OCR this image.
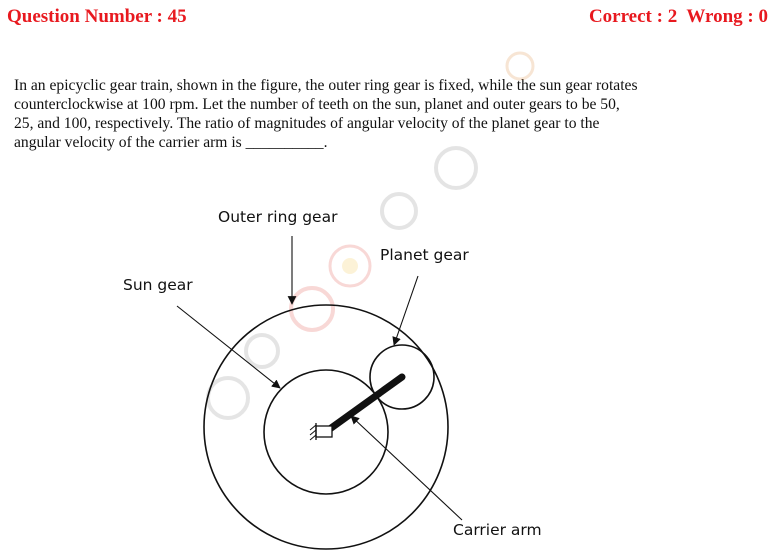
Question Number : 45	Correct : 2  Wrong : 0

In an epicyclic gear train, shown in the figure, the outer ring gear is fixed, while the sun gear rotates

counterclockwise at 100 rpm. Let the number of teeth on the sun, planet and outer gears to be 50,

25, and 100, respectively. The ratio of magnitudes of angular velocity of the planet gear to the

angular velocity of the carrier arm is __________.

Outer ring gear
Planet gear
Sun gear
Carrier arm
